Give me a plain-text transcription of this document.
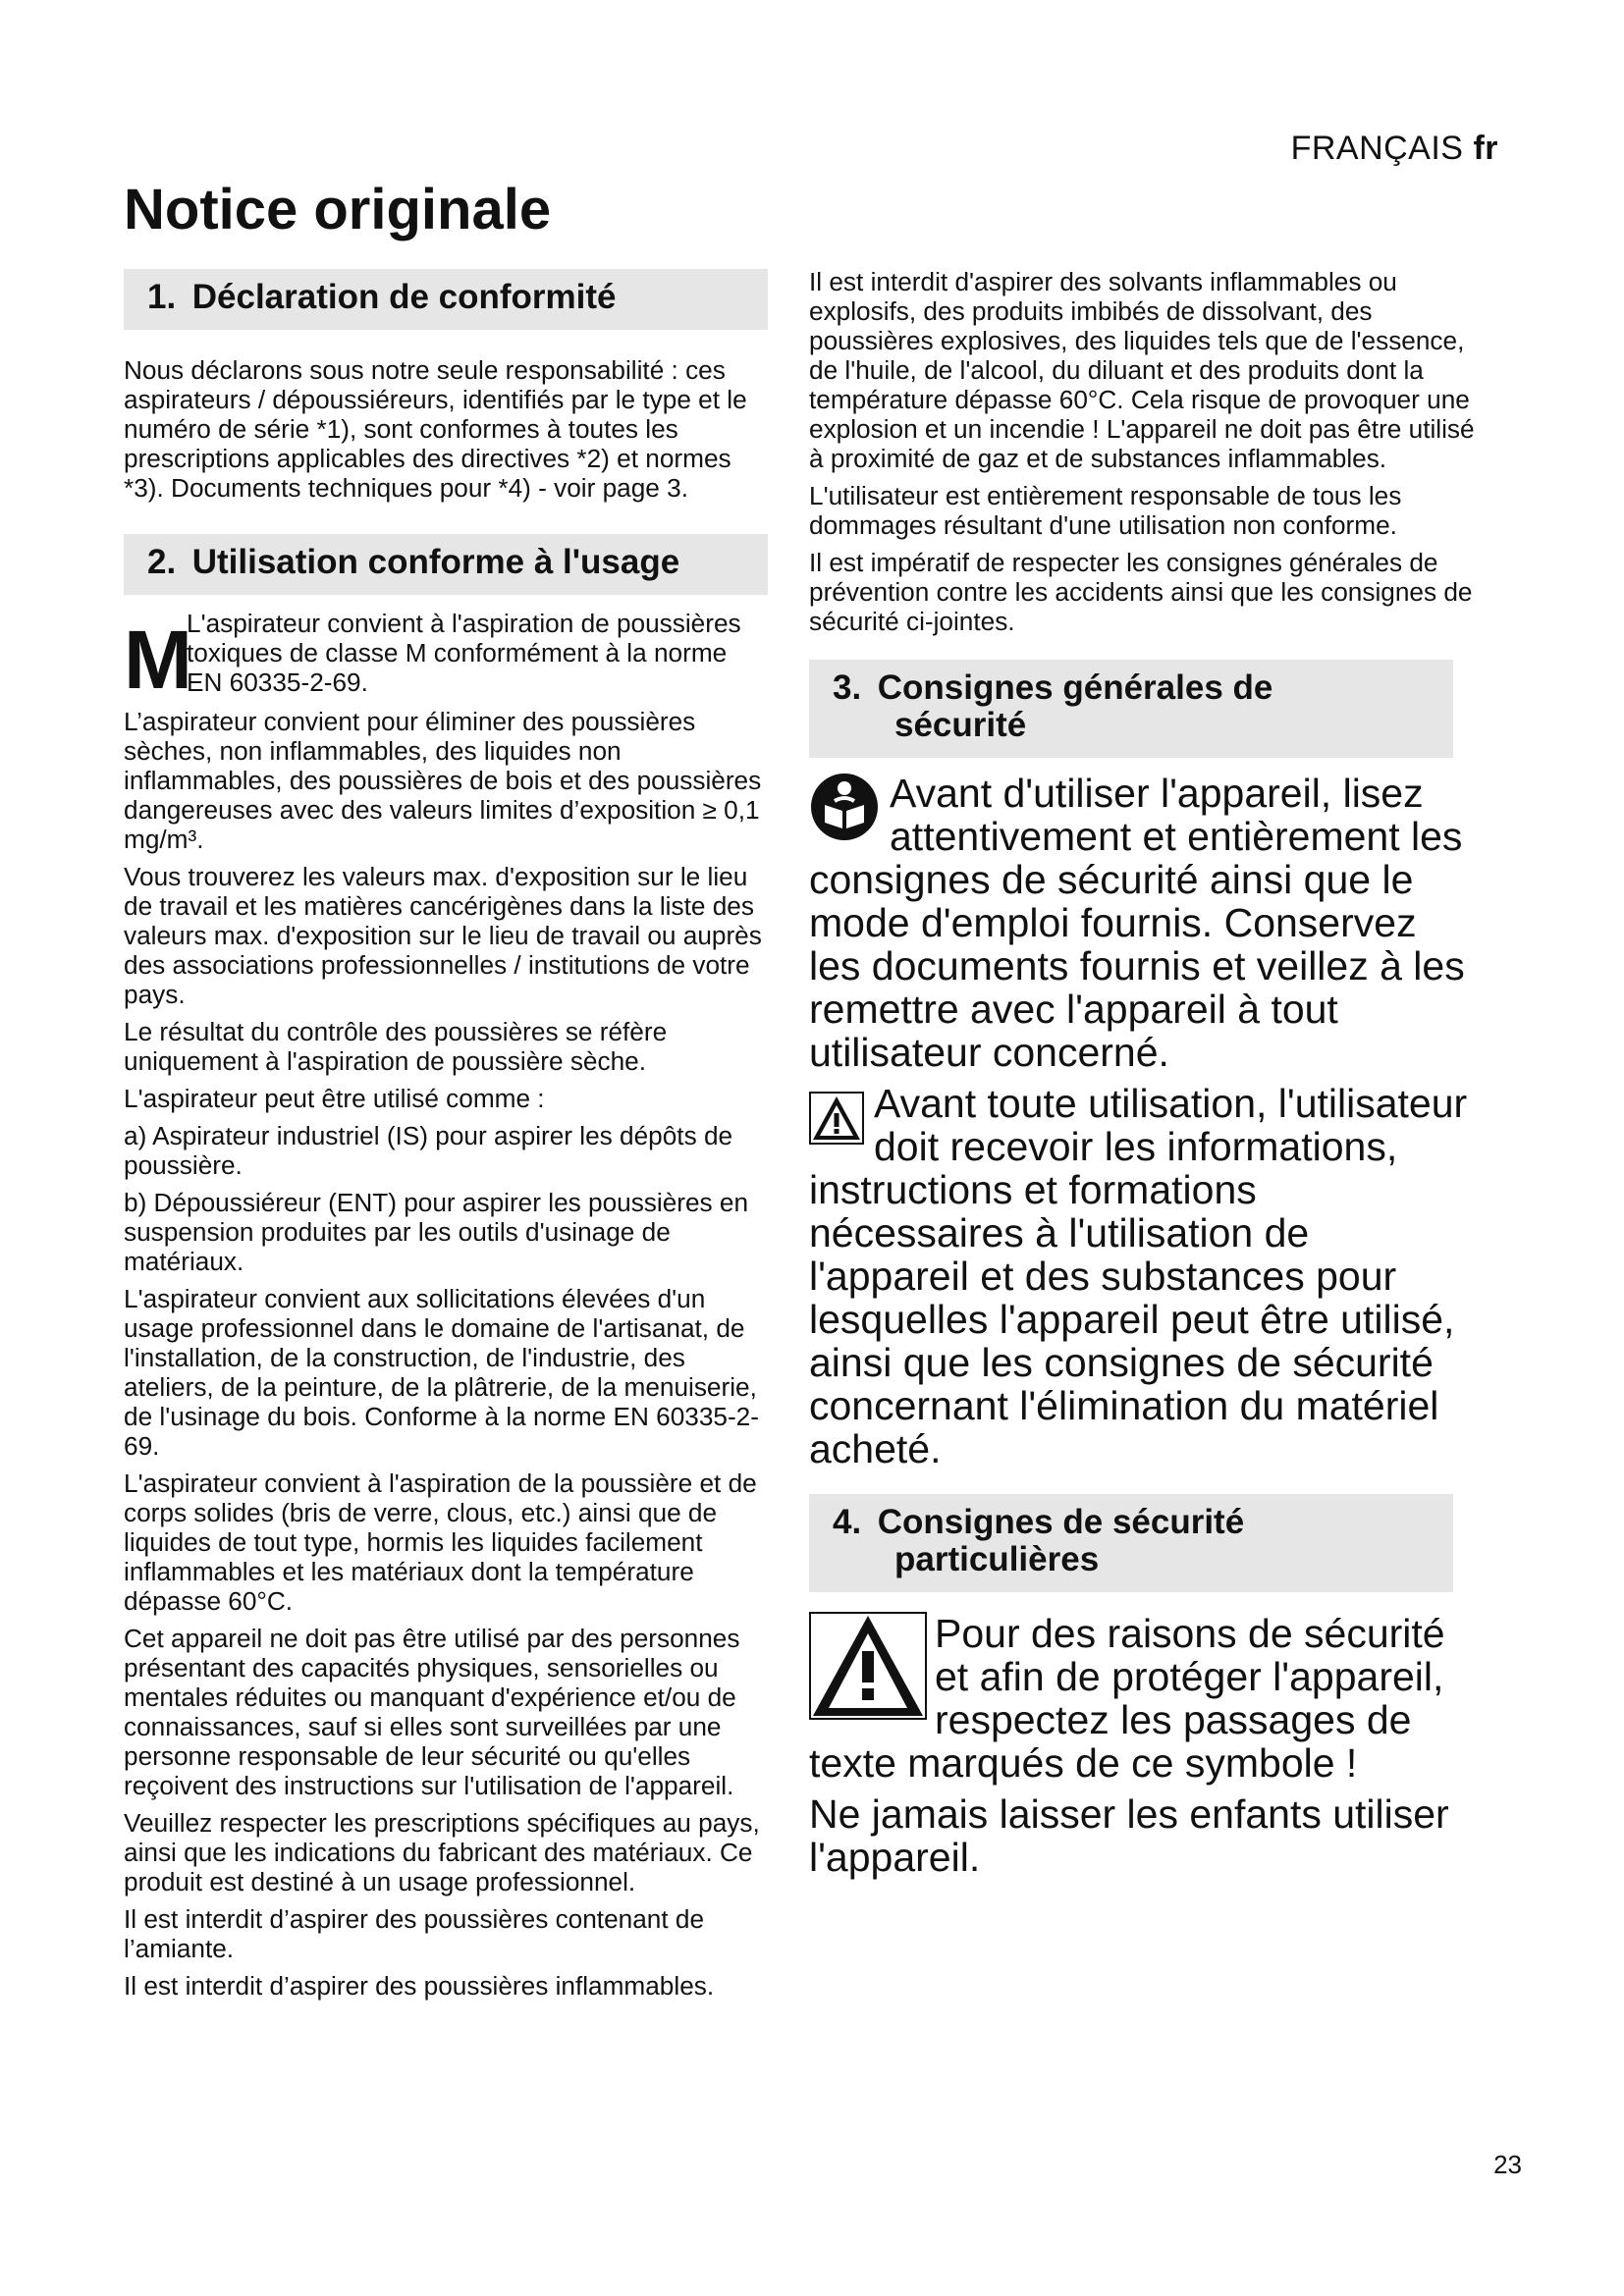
FRANÇAIS fr
Notice originale
1. Déclaration de conformité

Nous déclarons sous notre seule responsabilité : ces aspirateurs / dépoussiéreurs, identifiés par le type et le numéro de série *1), sont conformes à toutes les prescriptions applicables des directives *2) et normes *3). Documents techniques pour *4) - voir page 3.

2. Utilisation conforme à l'usage
M
L'aspirateur convient à l'aspiration de poussières toxiques de classe M conformément à la norme EN 60335-2-69.

L’aspirateur convient pour éliminer des poussières sèches, non inflammables, des liquides non inflammables, des poussières de bois et des poussières dangereuses avec des valeurs limites d’exposition ≥ 0,1 mg/m³.

Vous trouverez les valeurs max. d'exposition sur le lieu de travail et les matières cancérigènes dans la liste des valeurs max. d'exposition sur le lieu de travail ou auprès des associations professionnelles / institutions de votre pays.

Le résultat du contrôle des poussières se réfère uniquement à l'aspiration de poussière sèche.

L'aspirateur peut être utilisé comme :

a) Aspirateur industriel (IS) pour aspirer les dépôts de poussière.

b) Dépoussiéreur (ENT) pour aspirer les poussières en suspension produites par les outils d'usinage de matériaux.

L'aspirateur convient aux sollicitations élevées d'un usage professionnel dans le domaine de l'artisanat, de l'installation, de la construction, de l'industrie, des ateliers, de la peinture, de la plâtrerie, de la menuiserie, de l'usinage du bois. Conforme à la norme EN 60335-2-69.

L'aspirateur convient à l'aspiration de la poussière et de corps solides (bris de verre, clous, etc.) ainsi que de liquides de tout type, hormis les liquides facilement inflammables et les matériaux dont la température dépasse 60°C.

Cet appareil ne doit pas être utilisé par des personnes présentant des capacités physiques, sensorielles ou mentales réduites ou manquant d'expérience et/ou de connaissances, sauf si elles sont surveillées par une personne responsable de leur sécurité ou qu'elles reçoivent des instructions sur l'utilisation de l'appareil.

Veuillez respecter les prescriptions spécifiques au pays, ainsi que les indications du fabricant des matériaux. Ce produit est destiné à un usage professionnel.

Il est interdit d’aspirer des poussières contenant de l’amiante.

Il est interdit d’aspirer des poussières inflammables.

Il est interdit d'aspirer des solvants inflammables ou explosifs, des produits imbibés de dissolvant, des poussières explosives, des liquides tels que de l'essence, de l'huile, de l'alcool, du diluant et des produits dont la température dépasse 60°C. Cela risque de provoquer une explosion et un incendie ! L'appareil ne doit pas être utilisé à proximité de gaz et de substances inflammables.

L'utilisateur est entièrement responsable de tous les dommages résultant d'une utilisation non conforme.

Il est impératif de respecter les consignes générales de prévention contre les accidents ainsi que les consignes de sécurité ci-jointes.

3. Consignes générales de
sécurité

Avant d'utiliser l'appareil, lisez attentivement et entièrement les consignes de sécurité ainsi que le mode d'emploi fournis. Conservez les documents fournis et veillez à les remettre avec l'appareil à tout utilisateur concerné.

Avant toute utilisation, l'utilisateur doit recevoir les informations, instructions et formations nécessaires à l'utilisation de l'appareil et des substances pour lesquelles l'appareil peut être utilisé, ainsi que les consignes de sécurité concernant l'élimination du matériel acheté.

4. Consignes de sécurité
particulières

Pour des raisons de sécurité et afin de protéger l'appareil, respectez les passages de texte marqués de ce symbole !

Ne jamais laisser les enfants utiliser l'appareil.

23
